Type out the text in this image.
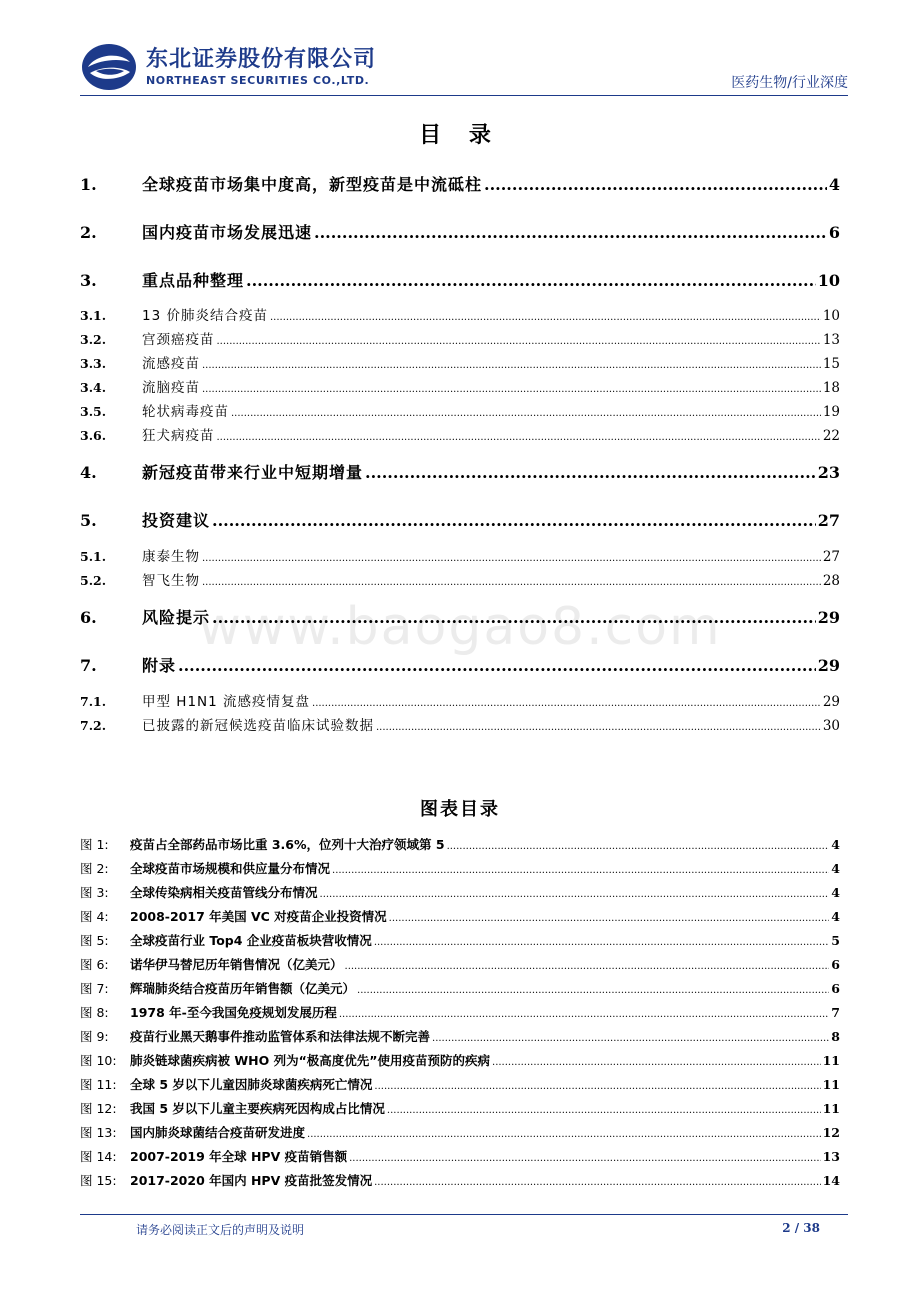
东北证券股份有限公司
NORTHEAST SECURITIES CO.,LTD.	医药生物/行业深度
www.baogao8.com
目 录
1.	全球疫苗市场集中度高，新型疫苗是中流砥柱 .....	4
2.	国内疫苗市场发展迅速 .....	6
3.	重点品种整理 .....	10
3.1.	13 价肺炎结合疫苗 .....	10
3.2.	宫颈癌疫苗 .....	13
3.3.	流感疫苗 .....	15
3.4.	流脑疫苗 .....	18
3.5.	轮状病毒疫苗 .....	19
3.6.	狂犬病疫苗 .....	22
4.	新冠疫苗带来行业中短期增量 .....	23
5.	投资建议 .....	27
5.1.	康泰生物 .....	27
5.2.	智飞生物 .....	28
6.	风险提示 .....	29
7.	附录 .....	29
7.1.	甲型 H1N1 流感疫情复盘 .....	29
7.2.	已披露的新冠候选疫苗临床试验数据 .....	30
图表目录
图 1:	疫苗占全部药品市场比重 3.6%，位列十大治疗领域第 5 .....	4
图 2:	全球疫苗市场规模和供应量分布情况 .....	4
图 3:	全球传染病相关疫苗管线分布情况 .....	4
图 4:	2008-2017 年美国 VC 对疫苗企业投资情况 .....	4
图 5:	全球疫苗行业 Top4 企业疫苗板块营收情况 .....	5
图 6:	诺华伊马替尼历年销售情况（亿美元） .....	6
图 7:	辉瑞肺炎结合疫苗历年销售额（亿美元） .....	6
图 8:	1978 年-至今我国免疫规划发展历程 .....	7
图 9:	疫苗行业黑天鹅事件推动监管体系和法律法规不断完善 .....	8
图 10:	肺炎链球菌疾病被 WHO 列为“极高度优先”使用疫苗预防的疾病 .....	11
图 11:	全球 5 岁以下儿童因肺炎球菌疾病死亡情况 .....	11
图 12:	我国 5 岁以下儿童主要疾病死因构成占比情况 .....	11
图 13:	国内肺炎球菌结合疫苗研发进度 .....	12
图 14:	2007-2019 年全球 HPV 疫苗销售额 .....	13
图 15:	2017-2020 年国内 HPV 疫苗批签发情况 .....	14
请务必阅读正文后的声明及说明	2 / 38
